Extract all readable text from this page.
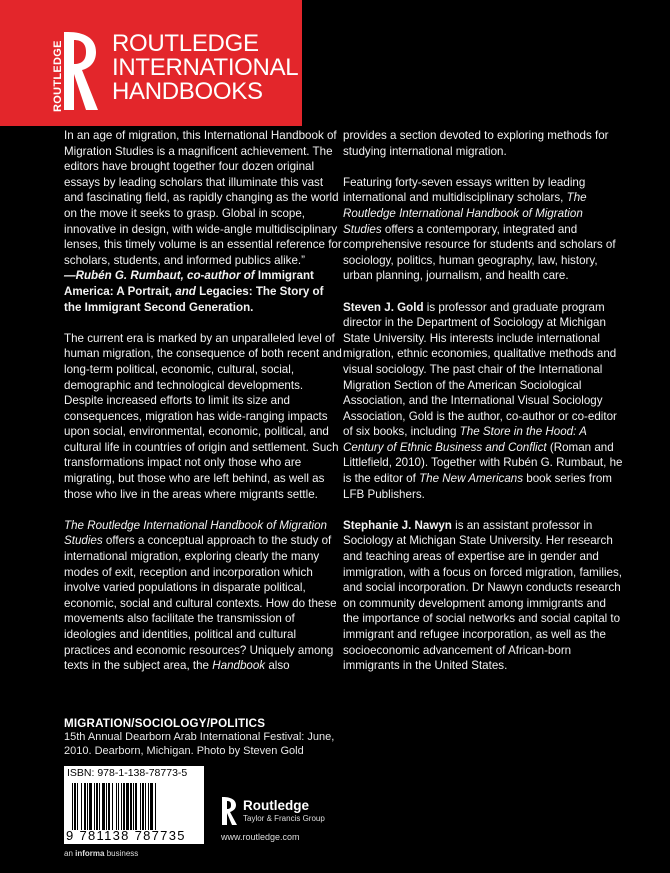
ROUTLEDGE ROUTLEDGE
INTERNATIONAL
HANDBOOKS

In an age of migration, this International Handbook of Migration Studies is a magnificent achievement. The editors have brought together four dozen original essays by leading scholars that illuminate this vast and fascinating field, as rapidly changing as the world on the move it seeks to grasp. Global in scope, innovative in design, with wide-angle multidisciplinary lenses, this timely volume is an essential reference for scholars, students, and informed publics alike.”
—Rubén G. Rumbaut, co-author of Immigrant America: A Portrait, and Legacies: The Story of the Immigrant Second Generation.

The current era is marked by an unparalleled level of human migration, the consequence of both recent and long-term political, economic, cultural, social, demographic and technological developments. Despite increased efforts to limit its size and consequences, migration has wide-ranging impacts upon social, environmental, economic, political, and cultural life in countries of origin and settlement. Such transformations impact not only those who are migrating, but those who are left behind, as well as those who live in the areas where migrants settle.

The Routledge International Handbook of Migration Studies offers a conceptual approach to the study of international migration, exploring clearly the many modes of exit, reception and incorporation which involve varied populations in disparate political, economic, social and cultural contexts. How do these movements also facilitate the transmission of ideologies and identities, political and cultural practices and economic resources? Uniquely among texts in the subject area, the Handbook also

provides a section devoted to exploring methods for studying international migration.

Featuring forty-seven essays written by leading international and multidisciplinary scholars, The Routledge International Handbook of Migration Studies offers a contemporary, integrated and comprehensive resource for students and scholars of sociology, politics, human geography, law, history, urban planning, journalism, and health care.

Steven J. Gold is professor and graduate program director in the Department of Sociology at Michigan State University. His interests include international migration, ethnic economies, qualitative methods and visual sociology. The past chair of the International Migration Section of the American Sociological Association, and the International Visual Sociology Association, Gold is the author, co-author or co-editor of six books, including The Store in the Hood: A Century of Ethnic Business and Conflict (Roman and Littlefield, 2010). Together with Rubén G. Rumbaut, he is the editor of The New Americans book series from LFB Publishers.

Stephanie J. Nawyn is an assistant professor in Sociology at Michigan State University. Her research and teaching areas of expertise are in gender and immigration, with a focus on forced migration, families, and social incorporation. Dr Nawyn conducts research on community development among immigrants and the importance of social networks and social capital to immigrant and refugee incorporation, as well as the socioeconomic advancement of African-born immigrants in the United States.

MIGRATION/SOCIOLOGY/POLITICS
15th Annual Dearborn Arab International Festival: June, 2010. Dearborn, Michigan. Photo by Steven Gold
ISBN: 978-1-138-78773-5
9 781138 787735
an informa business
Routledge
Taylor & Francis Group
www.routledge.com
